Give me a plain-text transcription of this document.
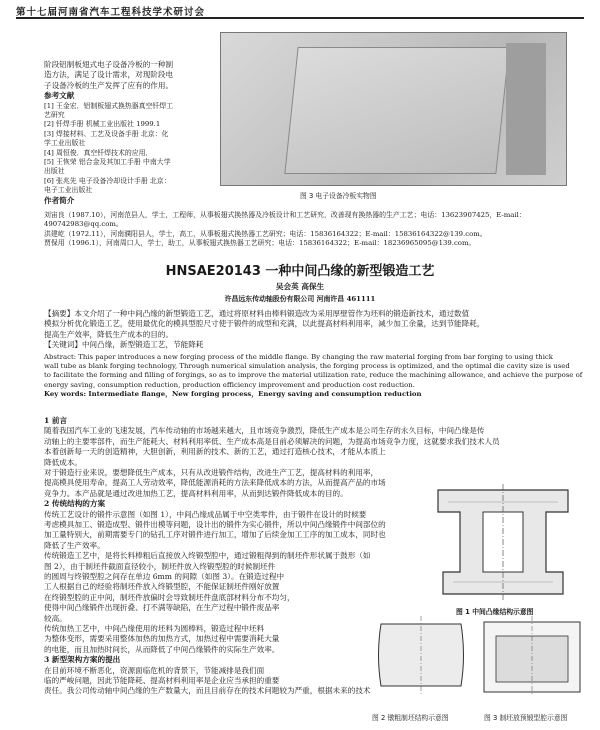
第十七届河南省汽车工程科技学术研讨会
阶段铝制板翅式电子设备冷板的一种制
造方法，满足了设计需求，对现阶段电
子设备冷板的生产发挥了应有的作用。
参考文献
[1] 王金宏．铝制板翅式换热器真空钎焊工
艺研究
[2] 钎焊手册 机械工业出版社 1999.1
[3] 焊接材料、工艺及设备手册 北京：化
学工业出版社
[4] 周恒俊．真空钎焊技术的应用．
[5] 王恢荣 铝合金及其加工手册 中南大学
出版社
[6] 张兆先 电子设备冷却设计手册 北京：
电子工业出版社
作者简介	图 3 电子设备冷板实物图
刘宙良（1987.10），河南范县人，学士，工程师，从事板翅式换热器及冷板设计和工艺研究，改善现有换热器的生产工艺；电话：13623907425，E-mail：
490742983@qq.com。
洪建屹（1972.11），河南濮阳县人，学士，高工，从事板翅式换热器工艺研究；电话：15836164322；E-mail：15836164322@139.com。
贾保用（1996.1），河南周口人，学士，助工，从事板翅式换热器工艺研究；电话：15836164322；E-mail：18236965095@139.com。
HNSAE20143 一种中间凸缘的新型锻造工艺
吴会英 高保生
许昌远东传动轴股份有限公司 河南许昌 461111
【摘要】本文介绍了一种中间凸缘的新型锻造工艺，通过将原材料由棒料锻造改为采用厚壁管作为坯料的锻造新技术，通过数值
模拟分析优化锻造工艺，使用最优化的模具型腔尺寸使于锻件的成型和充满，以此提高材料利用率，减少加工余量，达到节能降耗，
提高生产效率，降低生产成本的目的。
【关键词】中间凸缘，新型锻造工艺，节能降耗
Abstract: This paper introduces a new forging process of the middle flange. By changing the raw material forging from bar forging to using thick
wall tube as blank forging technology, Through numerical simulation analysis, the forging process is optimized, and the optimal die cavity size is used
to facilitate the forming and filling of forgings, so as to improve the material utilization rate, reduce the machining allowance, and achieve the purpose of
energy saving, consumption reduction, production efficiency improvement and production cost reduction.
Key words: Intermediate flange，New forging process，Energy saving and consumption reduction
1 前言
随着我国汽车工业的飞速发展，汽车传动轴的市场越来越大，且市场竞争激烈，降低生产成本是公司生存的永久目标，中间凸缘是传
动轴上的主要零部件，而生产能耗大、材料利用率低、生产成本高是目前必须解决的问题，为提高市场竞争力度，这就要求我们技术人员
本着创新每一天的创造精神，大胆创新，利用新的技术、新的工艺，通过打造核心技术，才能从本质上
降低成本。
对于锻造行业来说，要想降低生产成本，只有从改进锻件结构，改进生产工艺，提高材料的利用率，
提高模具使用寿命，提高工人劳动效率，降低能源消耗的方法来降低成本的方法，从而提高产品的市场
竞争力。本产品就是通过改进加热工艺，提高材料利用率，从而到达锻件降低成本的目的。
2 传统结构的方案
传统工艺设计的锻件示意图（如图 1），中间凸缘成品属于中空类零件，由于锻件在设计的时候要
考虑模具加工、锻造成型、锻件出模等问题，设计出的锻件为实心锻件，所以中间凸缘锻件中间部位的
加工量特别大，前期需要专门的钻孔工序对锻件进行加工，增加了后续金加工工序的加工成本，同时也
降低了生产效率。
传统锻造工艺中，是将长料棒粗后直接放入终锻型腔中，通过锻粗得到的制坯件形状属于鼓形（如
图 2），由于制坯件截面直径较小，制坯件放入终锻型腔的时候制坯件
的圆周与终锻型腔之间存在单边 6mm 的间隙（如图 3）。在锻造过程中
工人根据自己的经验将制坯件放入终锻型腔，不能保证制坯件刚好放置
在终锻型腔的正中间，制坯件放偏时会导致制坯件盘底部材料分布不均匀，
使得中间凸缘锻件出现折叠、打不满等缺陷，在生产过程中锻件废品率
较高。
传统加热工艺中，中间凸缘使用的坯料为圆棒料，锻造过程中坯料
为整体变形，需要采用整体加热的加热方式，加热过程中需要消耗大量
的电能，而且加热时间长，从而降低了中间凸缘锻件的实际生产效率。
3 新型架构方案的提出
在目前环境不断恶化，资源面临危机的背景下，节能减排是我们面
临的严峻问题，因此节能降耗、提高材料利用率是企业应当承担的重要
责任。我公司传动轴中间凸缘的生产数量大，而且目前存在的技术问题较为严重，根据未来的技术
图 1 中间凸缘结构示意图
图 2 镦粗制坯结构示意图	图 3 制坯放预锻型腔示意图
